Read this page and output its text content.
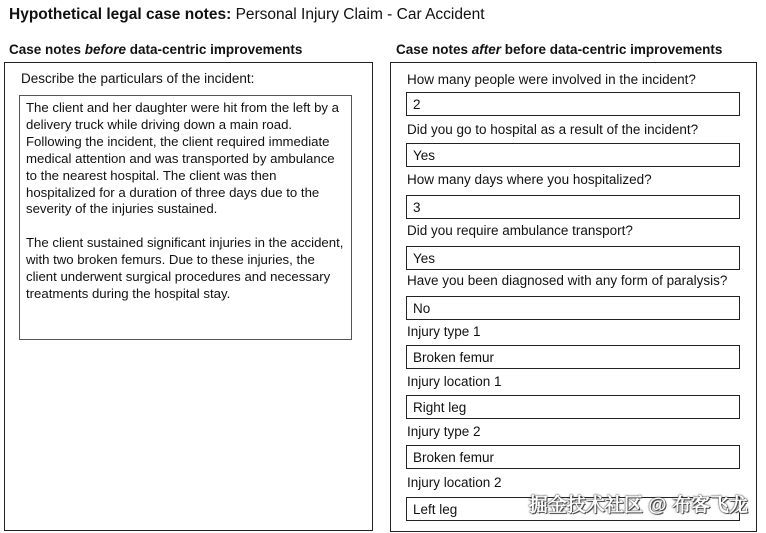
Hypothetical legal case notes: Personal Injury Claim - Car Accident
Case notes before data-centric improvements	Case notes after before data-centric improvements
Describe the particulars of the incident:

The client and her daughter were hit from the left by a delivery truck while driving down a main road. Following the incident, the client required immediate medical attention and was transported by ambulance to the nearest hospital. The client was then hospitalized for a duration of three days due to the severity of the injuries sustained.

The client sustained significant injuries in the accident, with two broken femurs. Due to these injuries, the client underwent surgical procedures and necessary treatments during the hospital stay.

How many people were involved in the incident?
2
Did you go to hospital as a result of the incident?
Yes
How many days where you hospitalized?
3
Did you require ambulance transport?
Yes
Have you been diagnosed with any form of paralysis?
No
Injury type 1
Broken femur
Injury location 1
Right leg
Injury type 2
Broken femur
Injury location 2
Left leg	掘金技术社区 @ 布客飞龙
